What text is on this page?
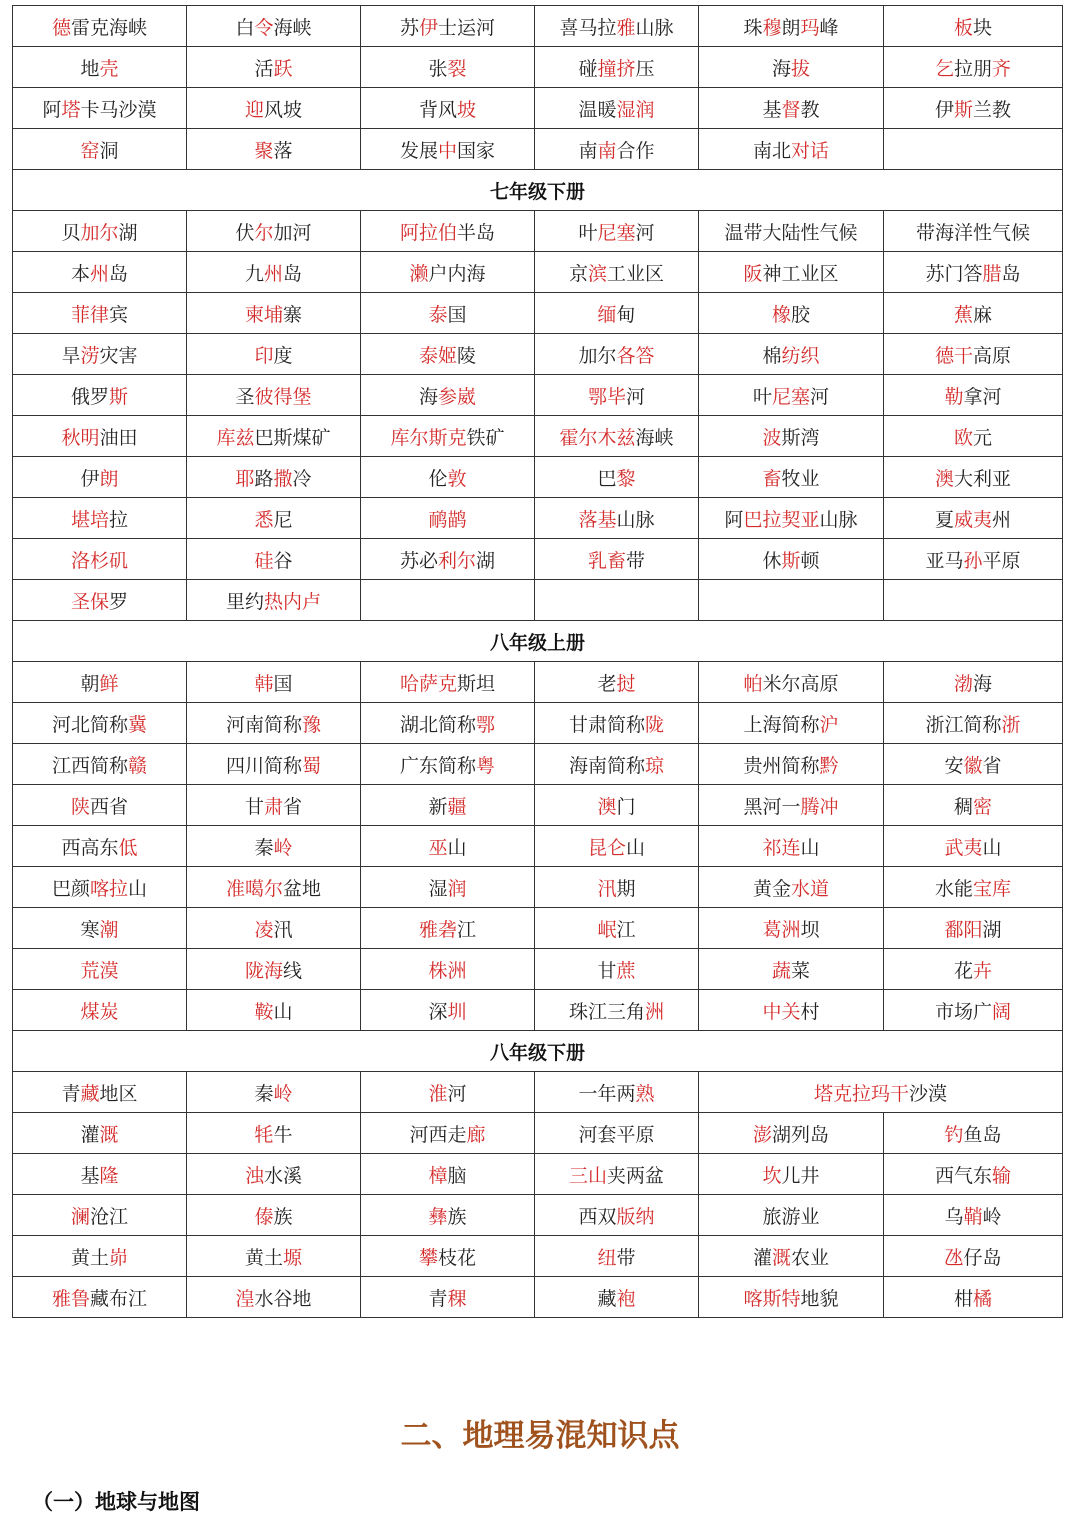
德雷克海峡	白令海峡	苏伊士运河	喜马拉雅山脉	珠穆朗玛峰	板块
地壳	活跃	张裂	碰撞挤压	海拔	乞拉朋齐
阿塔卡马沙漠	迎风坡	背风坡	温暖湿润	基督教	伊斯兰教
窑洞	聚落	发展中国家	南南合作	南北对话	
七年级下册					
贝加尔湖	伏尔加河	阿拉伯半岛	叶尼塞河	温带大陆性气候	带海洋性气候
本州岛	九州岛	濑户内海	京滨工业区	阪神工业区	苏门答腊岛
菲律宾	柬埔寨	泰国	缅甸	橡胶	蕉麻
旱涝灾害	印度	泰姬陵	加尔各答	棉纺织	德干高原
俄罗斯	圣彼得堡	海参崴	鄂毕河	叶尼塞河	勒拿河
秋明油田	库兹巴斯煤矿	库尔斯克铁矿	霍尔木兹海峡	波斯湾	欧元
伊朗	耶路撒冷	伦敦	巴黎	畜牧业	澳大利亚
堪培拉	悉尼	鸸鹋	落基山脉	阿巴拉契亚山脉	夏威夷州
洛杉矶	硅谷	苏必利尔湖	乳畜带	休斯顿	亚马孙平原
圣保罗	里约热内卢				
八年级上册					
朝鲜	韩国	哈萨克斯坦	老挝	帕米尔高原	渤海
河北简称冀	河南简称豫	湖北简称鄂	甘肃简称陇	上海简称沪	浙江简称浙
江西简称赣	四川简称蜀	广东简称粤	海南简称琼	贵州简称黔	安徽省
陕西省	甘肃省	新疆	澳门	黑河一腾冲	稠密
西高东低	秦岭	巫山	昆仑山	祁连山	武夷山
巴颜喀拉山	准噶尔盆地	湿润	汛期	黄金水道	水能宝库
寒潮	凌汛	雅砻江	岷江	葛洲坝	鄱阳湖
荒漠	陇海线	株洲	甘蔗	蔬菜	花卉
煤炭	鞍山	深圳	珠江三角洲	中关村	市场广阔
八年级下册					
青藏地区	秦岭	淮河	一年两熟	塔克拉玛干沙漠	
灌溉	牦牛	河西走廊	河套平原	澎湖列岛	钓鱼岛
基隆	浊水溪	樟脑	三山夹两盆	坎儿井	西气东输
澜沧江	傣族	彝族	西双版纳	旅游业	乌鞘岭
黄土峁	黄土塬	攀枝花	纽带	灌溉农业	氹仔岛
雅鲁藏布江	湟水谷地	青稞	藏袍	喀斯特地貌	柑橘
二、地理易混知识点
（一）地球与地图
